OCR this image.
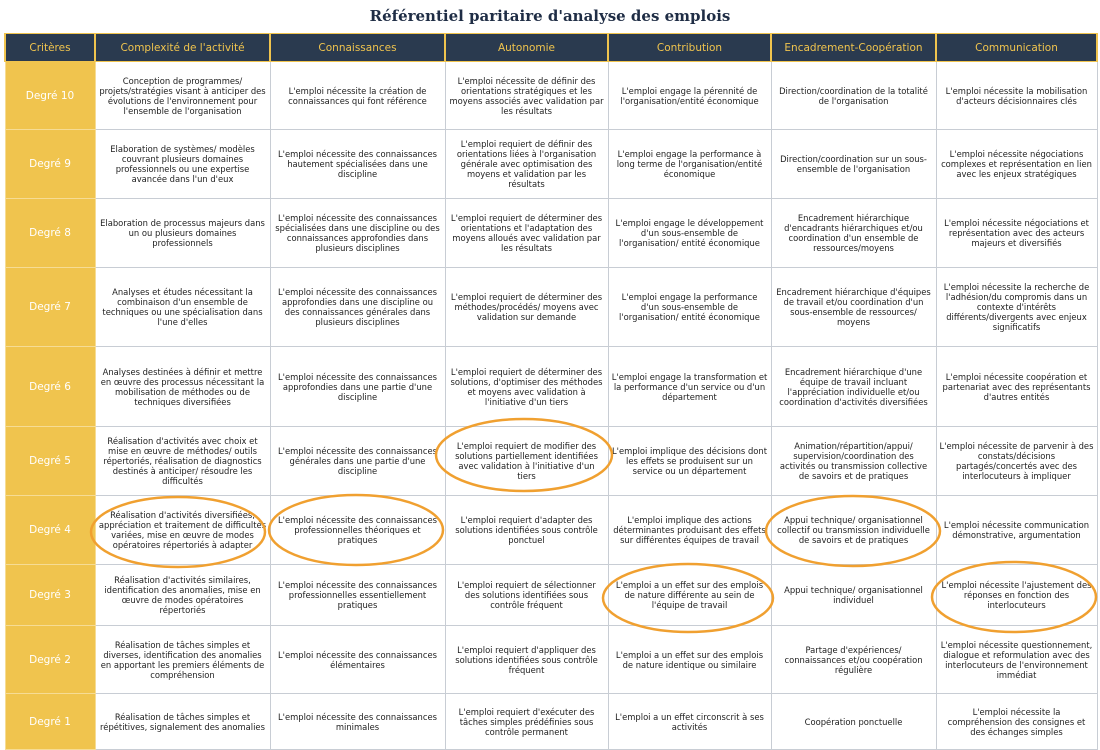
Référentiel paritaire d'analyse des emplois
Critères	Complexité de l'activité	Connaissances	Autonomie	Contribution	Encadrement-Coopération	Communication
Degré 10	Conception de programmes/ projets/stratégies visant à anticiper des évolutions de l'environnement pour l'ensemble de l'organisation	L'emploi nécessite la création de connaissances qui font référence	L'emploi nécessite de définir des orientations stratégiques et les moyens associés avec validation par les résultats	L'emploi engage la pérennité de l'organisation/entité économique	Direction/coordination de la totalité de l'organisation	L'emploi nécessite la mobilisation d'acteurs décisionnaires clés
Degré 9	Elaboration de systèmes/ modèles couvrant plusieurs domaines professionnels ou une expertise avancée dans l'un d'eux	L'emploi nécessite des connaissances hautement spécialisées dans une discipline	L'emploi requiert de définir des orientations liées à l'organisation générale avec optimisation des moyens et validation par les résultats	L'emploi engage la performance à long terme de l'organisation/entité économique	Direction/coordination sur un sous-ensemble de l'organisation	L'emploi nécessite négociations complexes et représentation en lien avec les enjeux stratégiques
Degré 8	Elaboration de processus majeurs dans un ou plusieurs domaines professionnels	L'emploi nécessite des connaissances spécialisées dans une discipline ou des connaissances approfondies dans plusieurs disciplines	L'emploi requiert de déterminer des orientations et l'adaptation des moyens alloués avec validation par les résultats	L'emploi engage le développement d'un sous-ensemble de l'organisation/ entité économique	Encadrement hiérarchique d'encadrants hiérarchiques et/ou coordination d'un ensemble de ressources/moyens	L'emploi nécessite négociations et représentation avec des acteurs majeurs et diversifiés
Degré 7	Analyses et études nécessitant la combinaison d'un ensemble de techniques ou une spécialisation dans l'une d'elles	L'emploi nécessite des connaissances approfondies dans une discipline ou des connaissances générales dans plusieurs disciplines	L'emploi requiert de déterminer des méthodes/procédés/ moyens avec validation sur demande	L'emploi engage la performance d'un sous-ensemble de l'organisation/ entité économique	Encadrement hiérarchique d'équipes de travail et/ou coordination d'un sous-ensemble de ressources/ moyens	L'emploi nécessite la recherche de l'adhésion/du compromis dans un contexte d'intérêts différents/divergents avec enjeux significatifs
Degré 6	Analyses destinées à définir et mettre en œuvre des processus nécessitant la mobilisation de méthodes ou de techniques diversifiées	L'emploi nécessite des connaissances approfondies dans une partie d'une discipline	L'emploi requiert de déterminer des solutions, d'optimiser des méthodes et moyens avec validation à l'initiative d'un tiers	L'emploi engage la transformation et la performance d'un service ou d'un département	Encadrement hiérarchique d'une équipe de travail incluant l'appréciation individuelle et/ou coordination d'activités diversifiées	L'emploi nécessite coopération et partenariat avec des représentants d'autres entités
Degré 5	Réalisation d'activités avec choix et mise en œuvre de méthodes/ outils répertoriés, réalisation de diagnostics destinés à anticiper/ résoudre les difficultés	L'emploi nécessite des connaissances générales dans une partie d'une discipline	L'emploi requiert de modifier des solutions partiellement identifiées avec validation à l'initiative d'un tiers	L'emploi implique des décisions dont les effets se produisent sur un service ou un département	Animation/répartition/appui/ supervision/coordination des activités ou transmission collective de savoirs et de pratiques	L'emploi nécessite de parvenir à des constats/décisions partagés/concertés avec des interlocuteurs à impliquer
Degré 4	Réalisation d'activités diversifiées, appréciation et traitement de difficultés variées, mise en œuvre de modes opératoires répertoriés à adapter	L'emploi nécessite des connaissances professionnelles théoriques et pratiques	L'emploi requiert d'adapter des solutions identifiées sous contrôle ponctuel	L'emploi implique des actions déterminantes produisant des effets sur différentes équipes de travail	Appui technique/ organisationnel collectif ou transmission individuelle de savoirs et de pratiques	L'emploi nécessite communication démonstrative, argumentation
Degré 3	Réalisation d'activités similaires, identification des anomalies, mise en œuvre de modes opératoires répertoriés	L'emploi nécessite des connaissances professionnelles essentiellement pratiques	L'emploi requiert de sélectionner des solutions identifiées sous contrôle fréquent	L'emploi a un effet sur des emplois de nature différente au sein de l'équipe de travail	Appui technique/ organisationnel individuel	L'emploi nécessite l'ajustement des réponses en fonction des interlocuteurs
Degré 2	Réalisation de tâches simples et diverses, identification des anomalies en apportant les premiers éléments de compréhension	L'emploi nécessite des connaissances élémentaires	L'emploi requiert d'appliquer des solutions identifiées sous contrôle fréquent	L'emploi a un effet sur des emplois de nature identique ou similaire	Partage d'expériences/ connaissances et/ou coopération régulière	L'emploi nécessite questionnement, dialogue et reformulation avec des interlocuteurs de l'environnement immédiat
Degré 1	Réalisation de tâches simples et répétitives, signalement des anomalies	L'emploi nécessite des connaissances minimales	L'emploi requiert d'exécuter des tâches simples prédéfinies sous contrôle permanent	L'emploi a un effet circonscrit à ses activités	Coopération ponctuelle	L'emploi nécessite la compréhension des consignes et des échanges simples
